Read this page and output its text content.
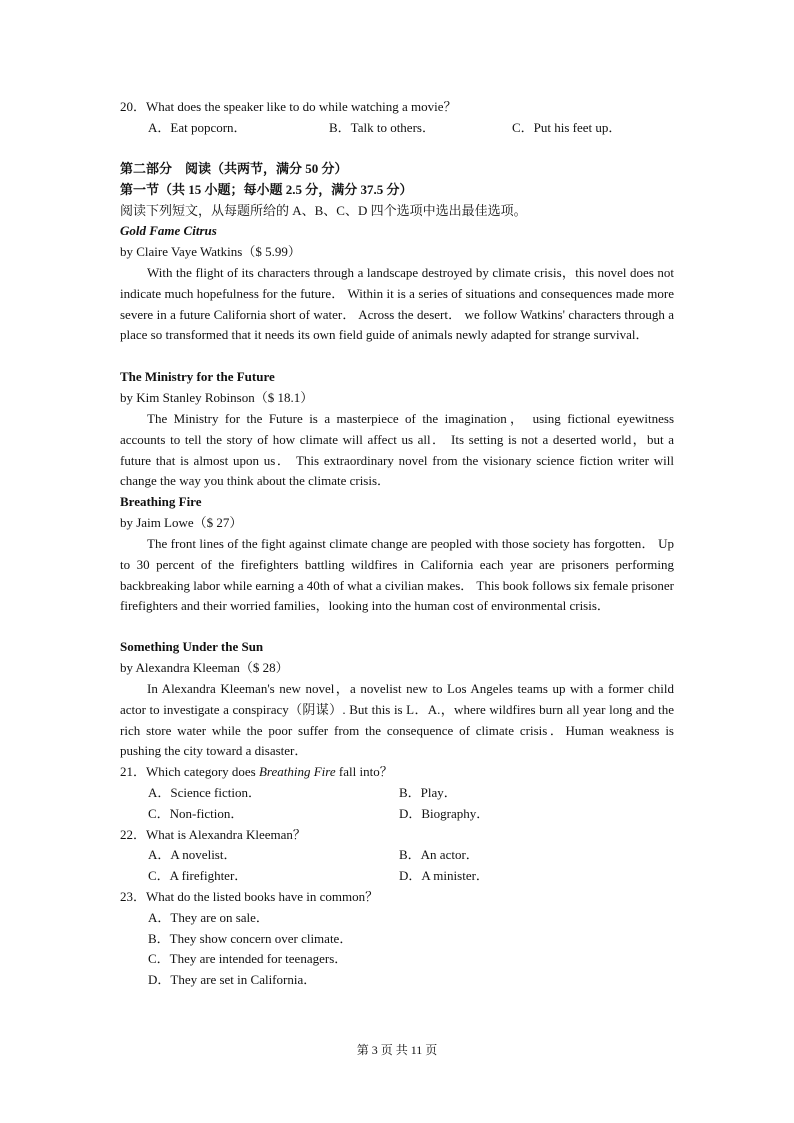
20．What does the speaker like to do while watching a movie？
A．Eat popcorn．	B．Talk to others．	C．Put his feet up．
第二部分　阅读（共两节，满分 50 分）
第一节（共 15 小题；每小题 2.5 分，满分 37.5 分）
阅读下列短文，从每题所给的 A、B、C、D 四个选项中选出最佳选项。
Gold Fame Citrus
by Claire Vaye Watkins（$ 5.99）
With the flight of its characters through a landscape destroyed by climate crisis，this novel does not indicate much hopefulness for the future． Within it is a series of situations and consequences made more severe in a future California short of water． Across the desert． we follow Watkins' characters through a place so transformed that it needs its own field guide of animals newly adapted for strange survival．
The Ministry for the Future
by Kim Stanley Robinson（$ 18.1）
The Ministry for the Future is a masterpiece of the imagination， using fictional eyewitness accounts to tell the story of how climate will affect us all． Its setting is not a deserted world，but a future that is almost upon us． This extraordinary novel from the visionary science fiction writer will change the way you think about the climate crisis．
Breathing Fire
by Jaim Lowe（$ 27）
The front lines of the fight against climate change are peopled with those society has forgotten． Up to 30 percent of the firefighters battling wildfires in California each year are prisoners performing backbreaking labor while earning a 40th of what a civilian makes． This book follows six female prisoner firefighters and their worried families，looking into the human cost of environmental crisis．
Something Under the Sun
by Alexandra Kleeman（$ 28）
In Alexandra Kleeman's new novel，a novelist new to Los Angeles teams up with a former child actor to investigate a conspiracy（阴谋）. But this is L．A.，where wildfires burn all year long and the rich store water while the poor suffer from the consequence of climate crisis．Human weakness is pushing the city toward a disaster．
21．Which category does Breathing Fire fall into？
A．Science fiction．	B．Play．
C．Non-fiction．	D．Biography．
22．What is Alexandra Kleeman？
A．A novelist．	B．An actor．
C．A firefighter．	D．A minister．
23．What do the listed books have in common？
A．They are on sale．
B．They show concern over climate．
C．They are intended for teenagers．
D．They are set in California．
第 3 页 共 11 页
